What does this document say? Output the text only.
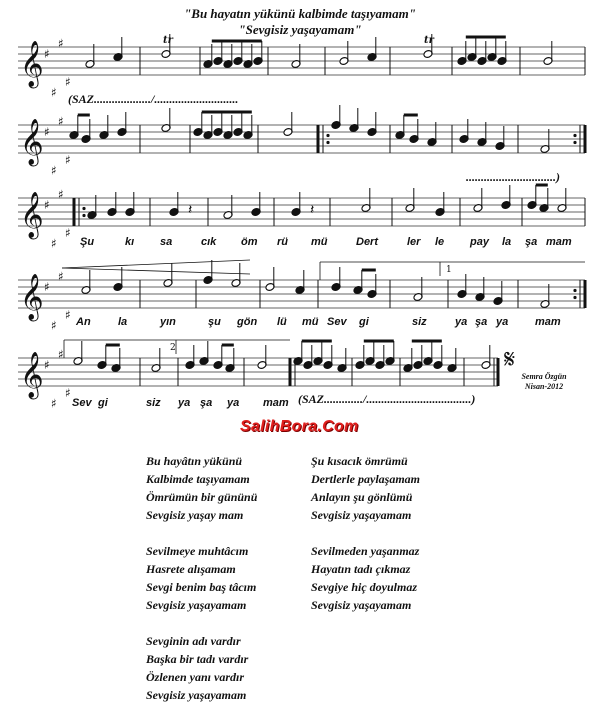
"Bu hayatın yükünü kalbimde taşıyamam"
"Sevgisiz yaşayamam"
𝄞 ♯
♯
♯
♯
tr	tr
𝄞 ♯
♯
♯
♯
𝄞 ♯
♯
♯
♯
𝄽	𝄽
𝄞 ♯
♯
♯
♯
1
𝄞 ♯
♯
♯
♯
2	𝄋
(SAZ.................../............................
..............................)
(SAZ............./...................................)
Şu	kı sa	cık öm rü mü	Dert	ler le pay la şa mam
An la	yın	şu gön lü mü Sev gi	siz	ya şa ya mam
Sev gi	siz ya şa ya mam
Semra Özgün
Nisan-2012
SalihBora.Com
Bu hayâtın yükünü
Kalbimde taşıyamam
Ömrümün bir gününü
Sevgisiz yaşay mam
Sevilmeye muhtâcım
Hasrete alışamam
Sevgi benim baş tâcım
Sevgisiz yaşayamam
Sevginin adı vardır
Başka bir tadı vardır
Özlenen yanı vardır
Sevgisiz yaşayamam
Şu kısacık ömrümü
Dertlerle paylaşamam
Anlayın şu gönlümü
Sevgisiz yaşayamam
Sevilmeden yaşanmaz
Hayatın tadı çıkmaz
Sevgiye hiç doyulmaz
Sevgisiz yaşayamam
